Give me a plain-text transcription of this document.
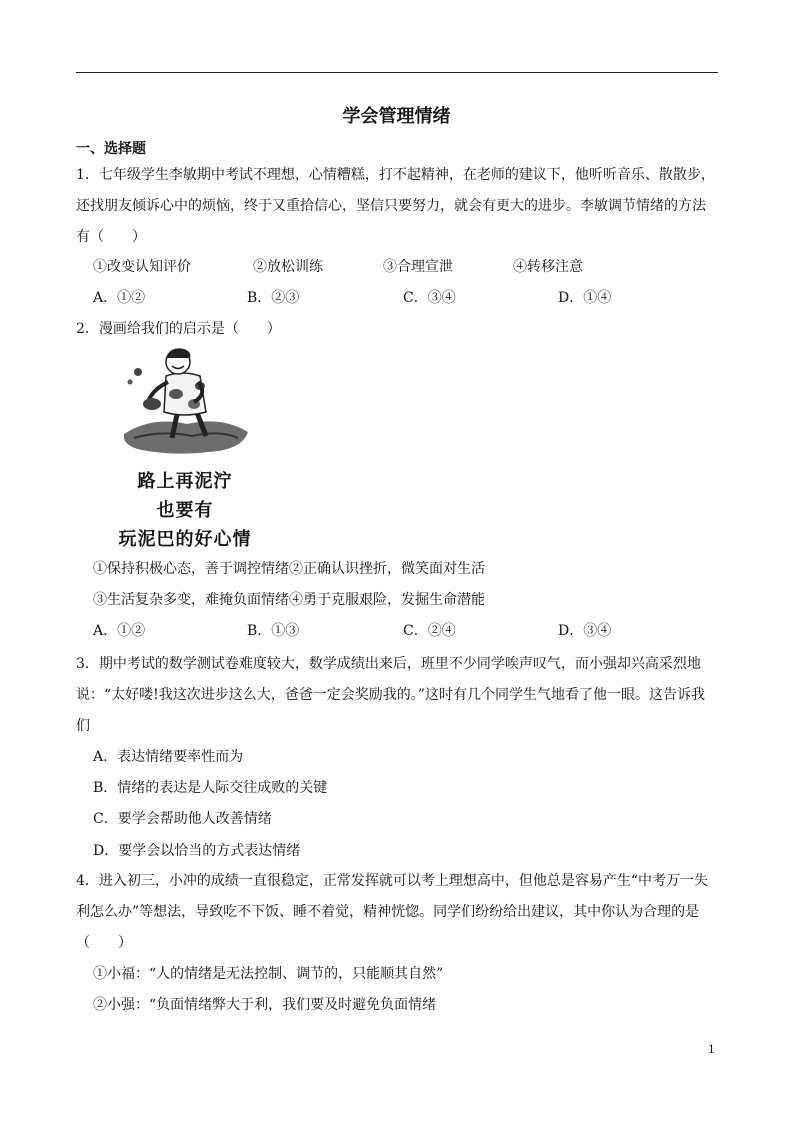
学会管理情绪
一、选择题
1．七年级学生李敏期中考试不理想，心情糟糕，打不起精神，在老师的建议下，他听听音乐、散散步，还找朋友倾诉心中的烦恼，终于又重拾信心，坚信只要努力，就会有更大的进步。李敏调节情绪的方法有（　　）
①改变认知评价	②放松训练	③合理宣泄	④转移注意
A．①②	B．②③	C．③④	D．①④
2．漫画给我们的启示是（　　）
路上再泥泞
也要有
玩泥巴的好心情
①保持积极心态，善于调控情绪②正确认识挫折，微笑面对生活
③生活复杂多变，难掩负面情绪④勇于克服艰险，发掘生命潜能
A．①②	B．①③	C．②④	D．③④
3．期中考试的数学测试卷难度较大，数学成绩出来后，班里不少同学唉声叹气，而小强却兴高采烈地说：“太好喽!我这次进步这么大，爸爸一定会奖励我的。”这时有几个同学生气地看了他一眼。这告诉我们
A．表达情绪要率性而为
B．情绪的表达是人际交往成败的关键
C．要学会帮助他人改善情绪
D．要学会以恰当的方式表达情绪
4．进入初三，小冲的成绩一直很稳定，正常发挥就可以考上理想高中，但他总是容易产生“中考万一失利怎么办”等想法，导致吃不下饭、睡不着觉，精神恍惚。同学们纷纷给出建议，其中你认为合理的是（　　）
①小福：“人的情绪是无法控制、调节的，只能顺其自然”
②小强：“负面情绪弊大于利，我们要及时避免负面情绪
1
